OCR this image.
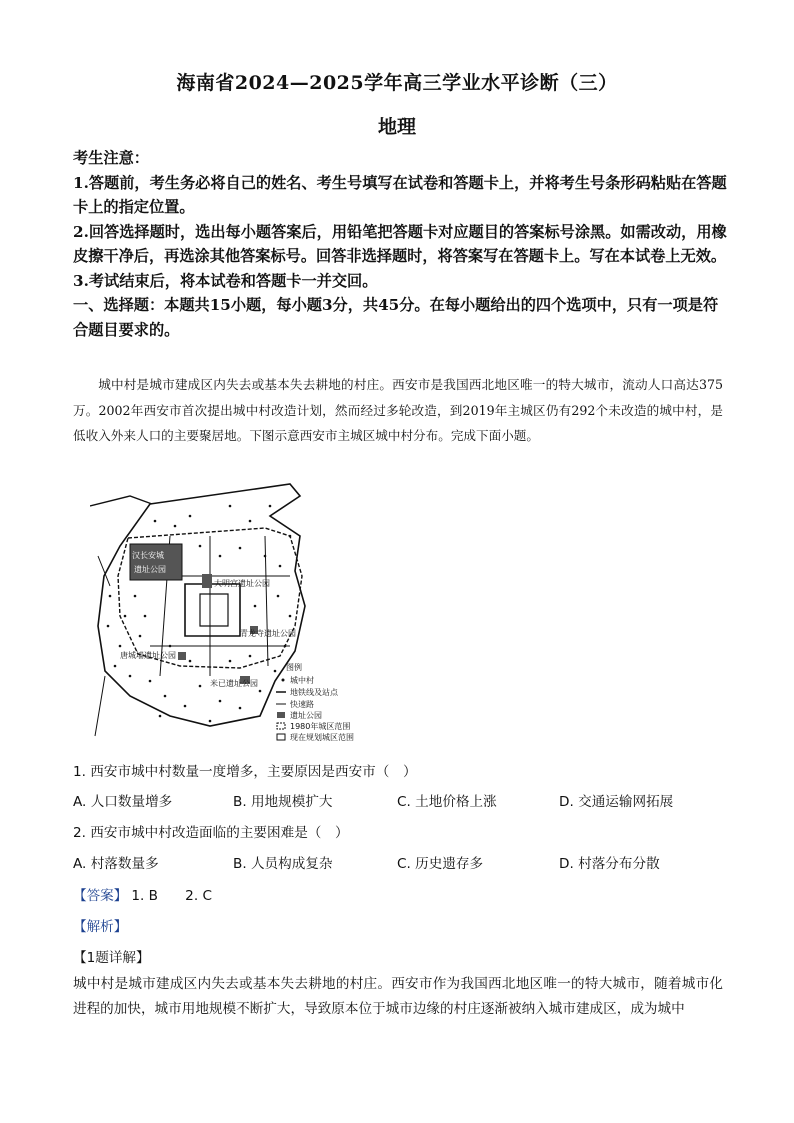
海南省2024—2025学年高三学业水平诊断（三）
地理

考生注意：

1.答题前，考生务必将自己的姓名、考生号填写在试卷和答题卡上，并将考生号条形码粘贴在答题卡上的指定位置。

2.回答选择题时，选出每小题答案后，用铅笔把答题卡对应题目的答案标号涂黑。如需改动，用橡皮擦干净后，再选涂其他答案标号。回答非选择题时，将答案写在答题卡上。写在本试卷上无效。

3.考试结束后，将本试卷和答题卡一并交回。

一、选择题：本题共15小题，每小题3分，共45分。在每小题给出的四个选项中，只有一项是符合题目要求的。

城中村是城市建成区内失去或基本失去耕地的村庄。西安市是我国西北地区唯一的特大城市，流动人口高达375万。2002年西安市首次提出城中村改造计划，然而经过多轮改造，到2019年主城区仍有292个未改造的城中村，是低收入外来人口的主要聚居地。下图示意西安市主城区城中村分布。完成下面小题。

汉长安城
遗址公园
大明宫遗址公园
青龙寺遗址公园
唐城墙遗址公园
米已遗址公园
图例
城中村
地铁线及站点
快速路
遗址公园
1980年城区范围
现在规划城区范围
1. 西安市城中村数量一度增多，主要原因是西安市（　）
A. 人口数量增多	B. 用地规模扩大	C. 土地价格上涨	D. 交通运输网拓展
2. 西安市城中村改造面临的主要困难是（　）
A. 村落数量多	B. 人员构成复杂	C. 历史遗存多	D. 村落分布分散
【答案】 1. B　　2. C
【解析】
【1题详解】

城中村是城市建成区内失去或基本失去耕地的村庄。西安市作为我国西北地区唯一的特大城市，随着城市化进程的加快，城市用地规模不断扩大，导致原本位于城市边缘的村庄逐渐被纳入城市建成区，成为城中
